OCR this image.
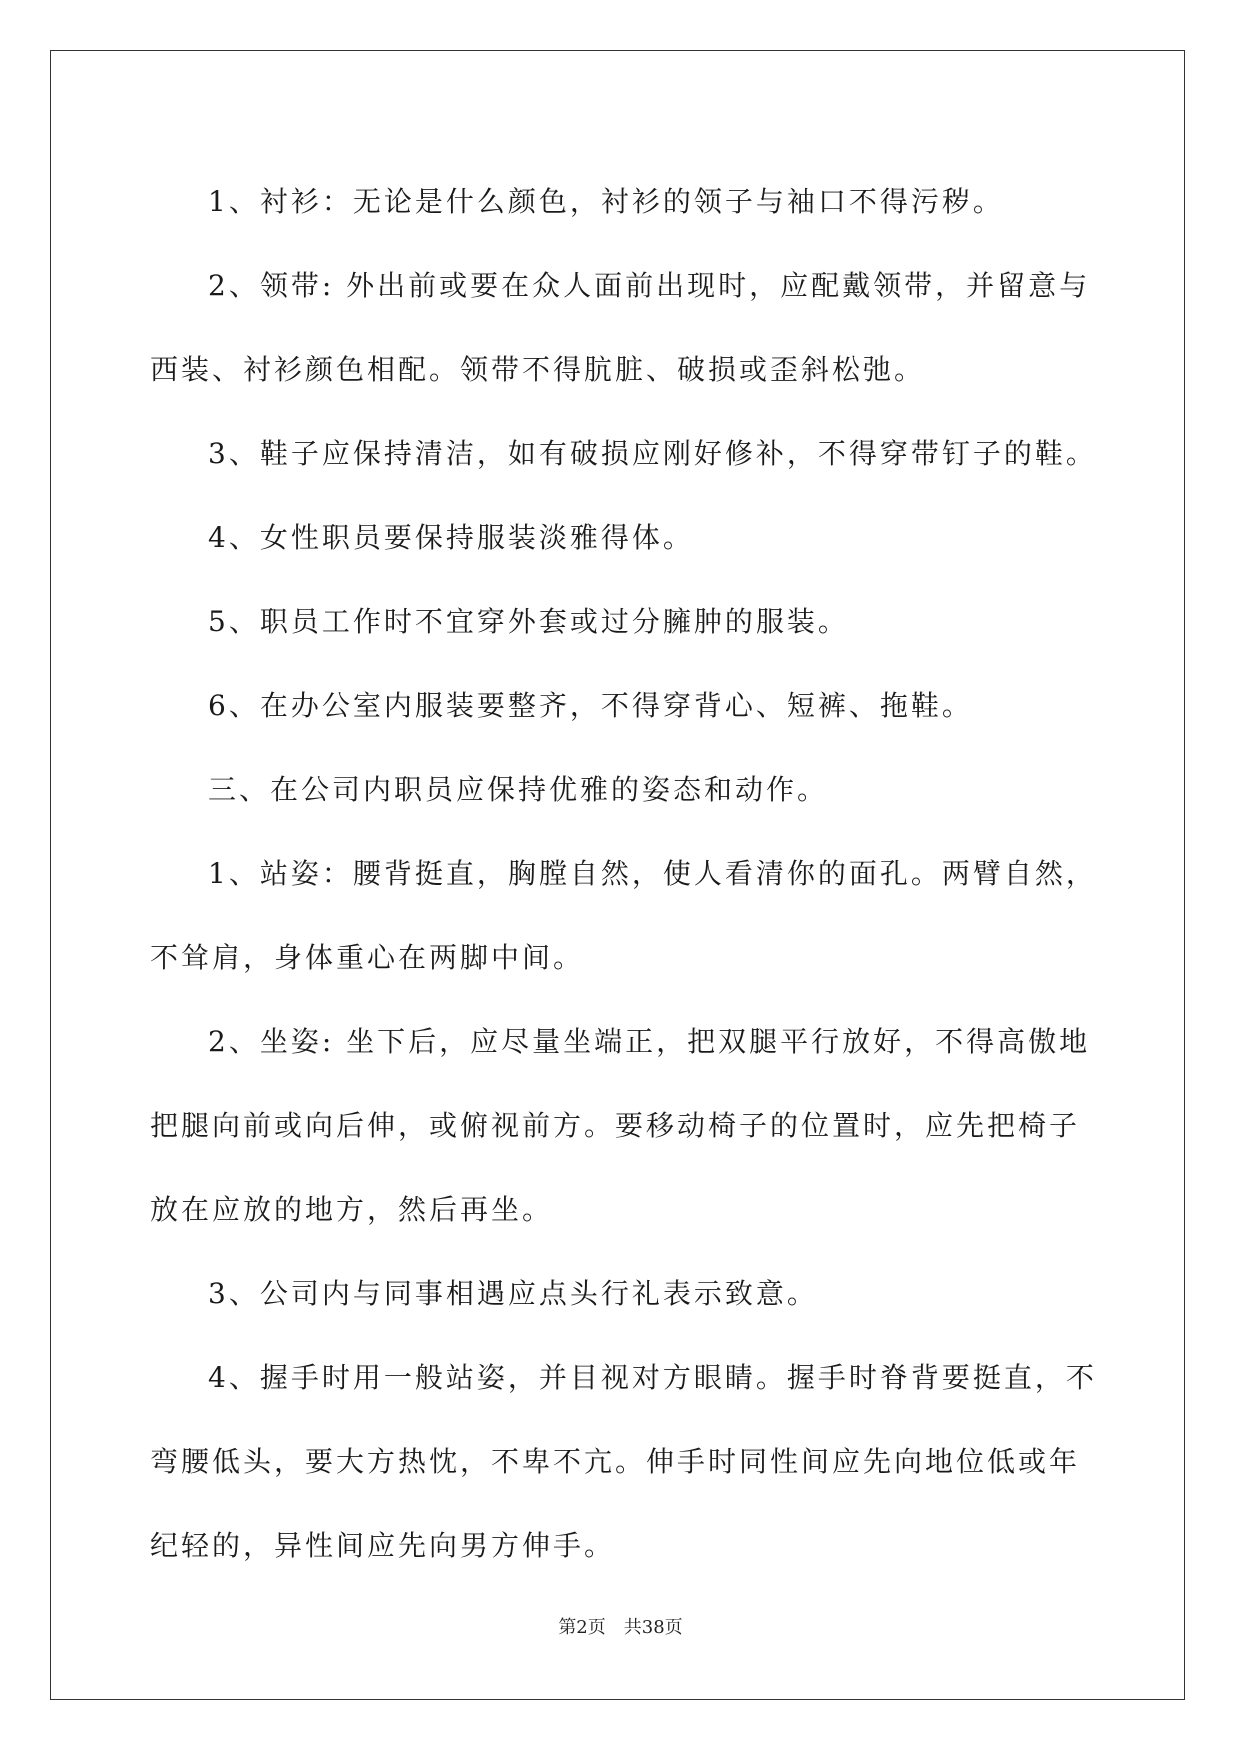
1、衬衫：无论是什么颜色，衬衫的领子与袖口不得污秽。

2、领带: 外出前或要在众人面前出现时，应配戴领带，并留意与

西装、衬衫颜色相配。领带不得肮脏、破损或歪斜松弛。

3、鞋子应保持清洁，如有破损应刚好修补，不得穿带钉子的鞋。

4、女性职员要保持服装淡雅得体。

5、职员工作时不宜穿外套或过分臃肿的服装。

6、在办公室内服装要整齐，不得穿背心、短裤、拖鞋。

三、在公司内职员应保持优雅的姿态和动作。

1、站姿：腰背挺直，胸膛自然，使人看清你的面孔。两臂自然，

不耸肩，身体重心在两脚中间。

2、坐姿: 坐下后，应尽量坐端正，把双腿平行放好，不得高傲地

把腿向前或向后伸，或俯视前方。要移动椅子的位置时，应先把椅子

放在应放的地方，然后再坐。

3、公司内与同事相遇应点头行礼表示致意。

4、握手时用一般站姿，并目视对方眼睛。握手时脊背要挺直，不

弯腰低头，要大方热忱，不卑不亢。伸手时同性间应先向地位低或年

纪轻的，异性间应先向男方伸手。

第2页 共38页
